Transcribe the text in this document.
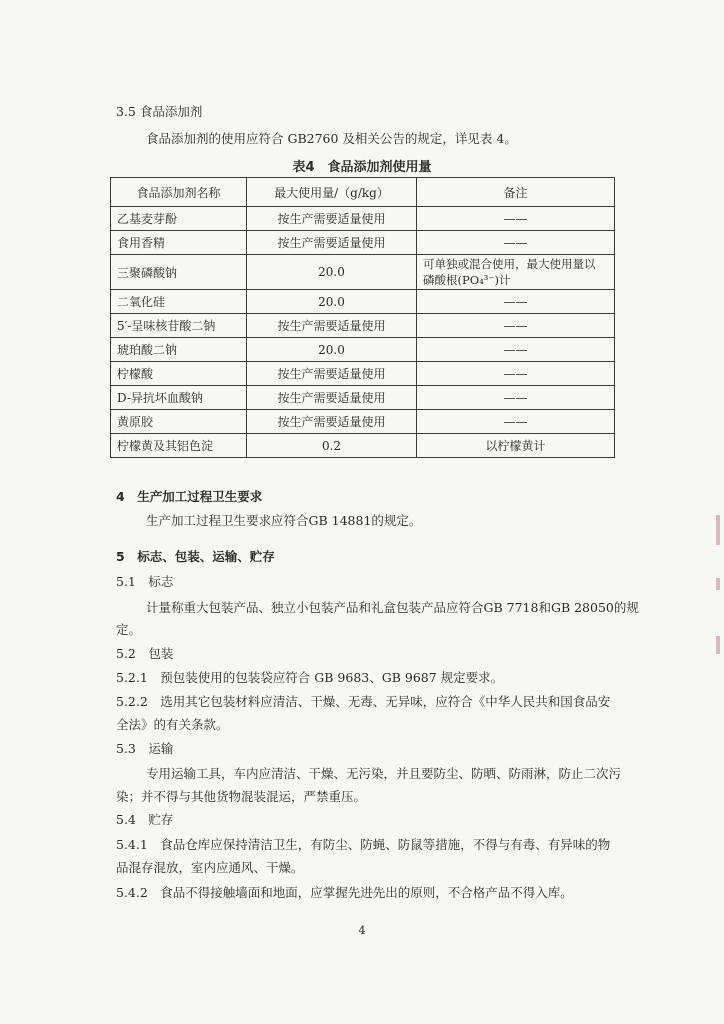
3.5 食品添加剂
食品添加剂的使用应符合 GB2760 及相关公告的规定，详见表 4。
表4　食品添加剂使用量
食品添加剂名称	最大使用量/（g/kg）	备注
乙基麦芽酚	按生产需要适量使用	——
食用香精	按生产需要适量使用	——
三聚磷酸钠	20.0	可单独或混合使用，最大使用量以
磷酸根(PO₄³⁻)计

二氧化硅	20.0	——
5′-呈味核苷酸二钠	按生产需要适量使用	——
琥珀酸二钠	20.0	——
柠檬酸	按生产需要适量使用	——
D-异抗坏血酸钠	按生产需要适量使用	——
黄原胶	按生产需要适量使用	——
柠檬黄及其铝色淀	0.2	以柠檬黄计
4　生产加工过程卫生要求
生产加工过程卫生要求应符合GB 14881的规定。
5　标志、包装、运输、贮存
5.1　标志
计量称重大包装产品、独立小包装产品和礼盒包装产品应符合GB 7718和GB 28050的规
定。
5.2　包装
5.2.1　预包装使用的包装袋应符合 GB 9683、GB 9687 规定要求。
5.2.2　选用其它包装材料应清洁、干燥、无毒、无异味，应符合《中华人民共和国食品安
全法》的有关条款。
5.3　运输
专用运输工具，车内应清洁、干燥、无污染，并且要防尘、防晒、防雨淋，防止二次污
染；并不得与其他货物混装混运，严禁重压。
5.4　贮存
5.4.1　食品仓库应保持清洁卫生，有防尘、防蝇、防鼠等措施，不得与有毒、有异味的物
品混存混放，室内应通风、干燥。
5.4.2　食品不得接触墙面和地面，应掌握先进先出的原则，不合格产品不得入库。
4
